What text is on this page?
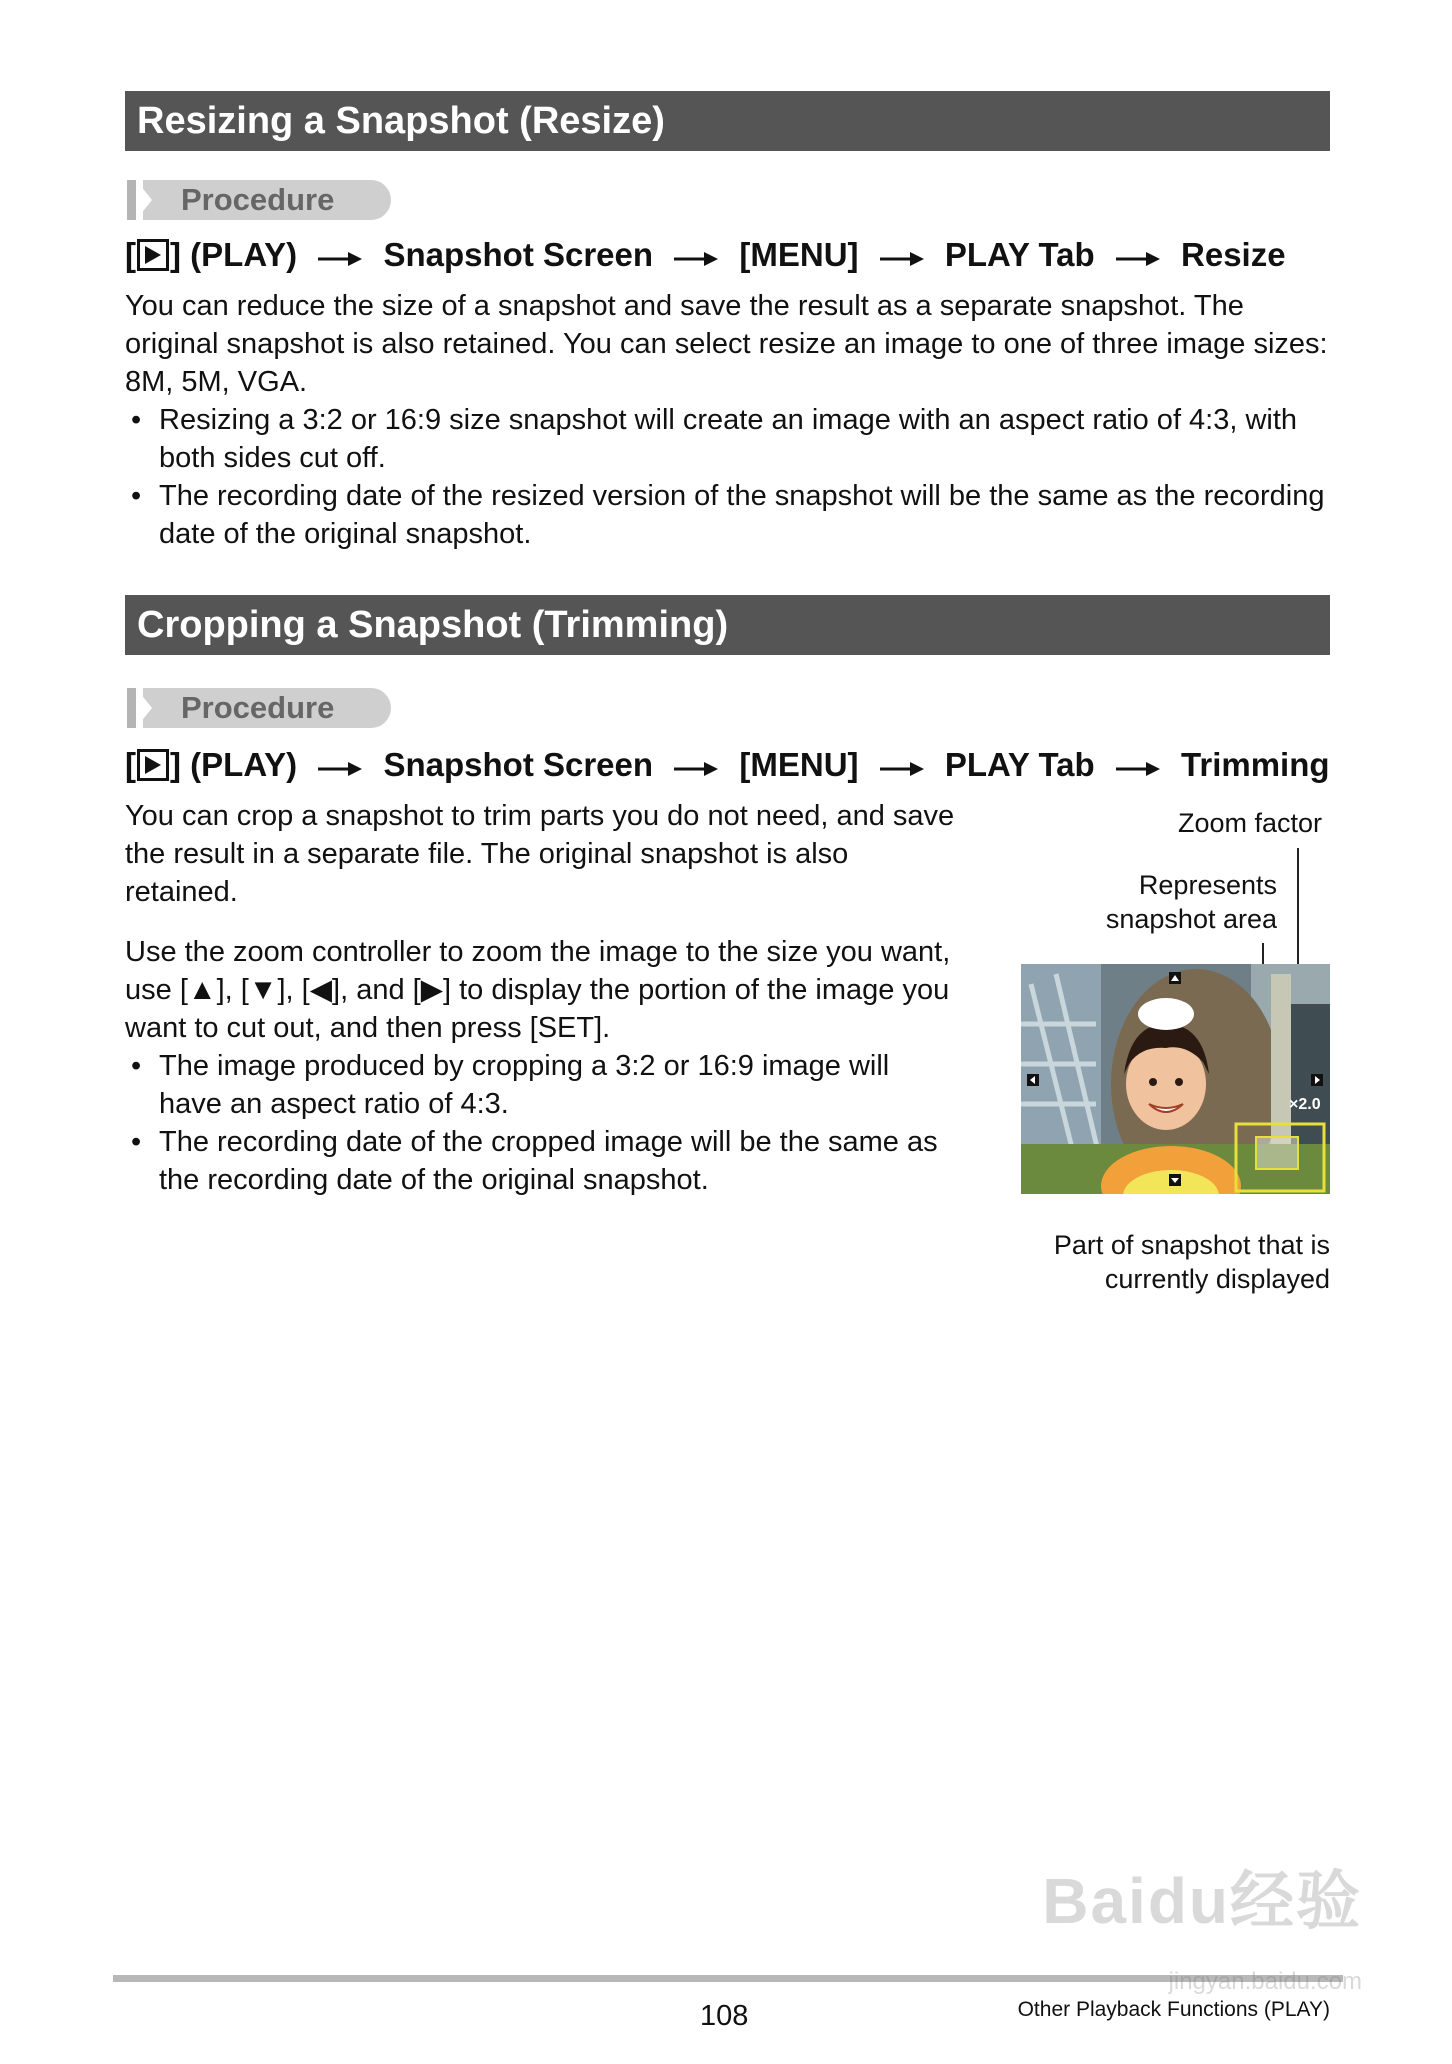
Resizing a Snapshot (Resize)
Procedure
[ ] (PLAY)	Snapshot Screen	[MENU]	PLAY Tab	Resize

You can reduce the size of a snapshot and save the result as a separate snapshot. The original snapshot is also retained. You can select resize an image to one of three image sizes: 8M, 5M, VGA.

• Resizing a 3:2 or 16:9 size snapshot will create an image with an aspect ratio of 4:3, with both sides cut off.
• The recording date of the resized version of the snapshot will be the same as the recording date of the original snapshot.
Cropping a Snapshot (Trimming)
Procedure
[ ] (PLAY)	Snapshot Screen	[MENU]	PLAY Tab	Trimming

You can crop a snapshot to trim parts you do not need, and save the result in a separate file. The original snapshot is also retained.

Use the zoom controller to zoom the image to the size you want, use [▲], [▼], [◀], and [▶] to display the portion of the image you want to cut out, and then press [SET].

• The image produced by cropping a 3:2 or 16:9 image will have an aspect ratio of 4:3.
• The recording date of the cropped image will be the same as the recording date of the original snapshot.
Zoom factor
Represents snapshot area
×2.0
Part of snapshot that is currently displayed
108	Other Playback Functions (PLAY)
Baidu经验
jingyan.baidu.com
